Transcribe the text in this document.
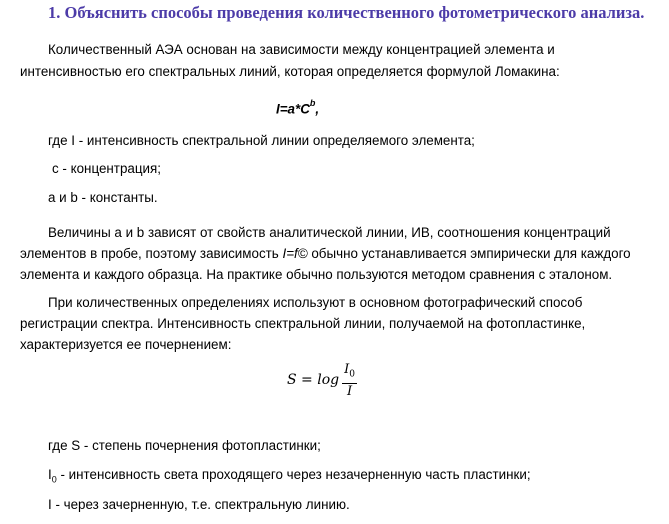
1. Объяснить способы проведения количественного фотометрического анализа.
Количественный АЭА основан на зависимости между концентрацией элемента и
интенсивностью его спектральных линий, которая определяется формулой Ломакина:
$I=a*C^b$,
где I - интенсивность спектральной линии определяемого элемента;
с - концентрация;
а и b - константы.
Величины а и b зависят от свойств аналитической линии, ИВ, соотношения концентраций
элементов в пробе, поэтому зависимость I=f© обычно устанавливается эмпирически для каждого
элемента и каждого образца. На практике обычно пользуются методом сравнения с эталоном.
При количественных определениях используют в основном фотографический способ
регистрации спектра. Интенсивность спектральной линии, получаемой на фотопластинке,
характеризуется ее почернением:
$S = \log \frac{I_0}{I}$
где S - степень почернения фотопластинки;
$I_0$ - интенсивность света проходящего через незачерненную часть пластинки;
I - через зачерненную, т.е. спектральную линию.
